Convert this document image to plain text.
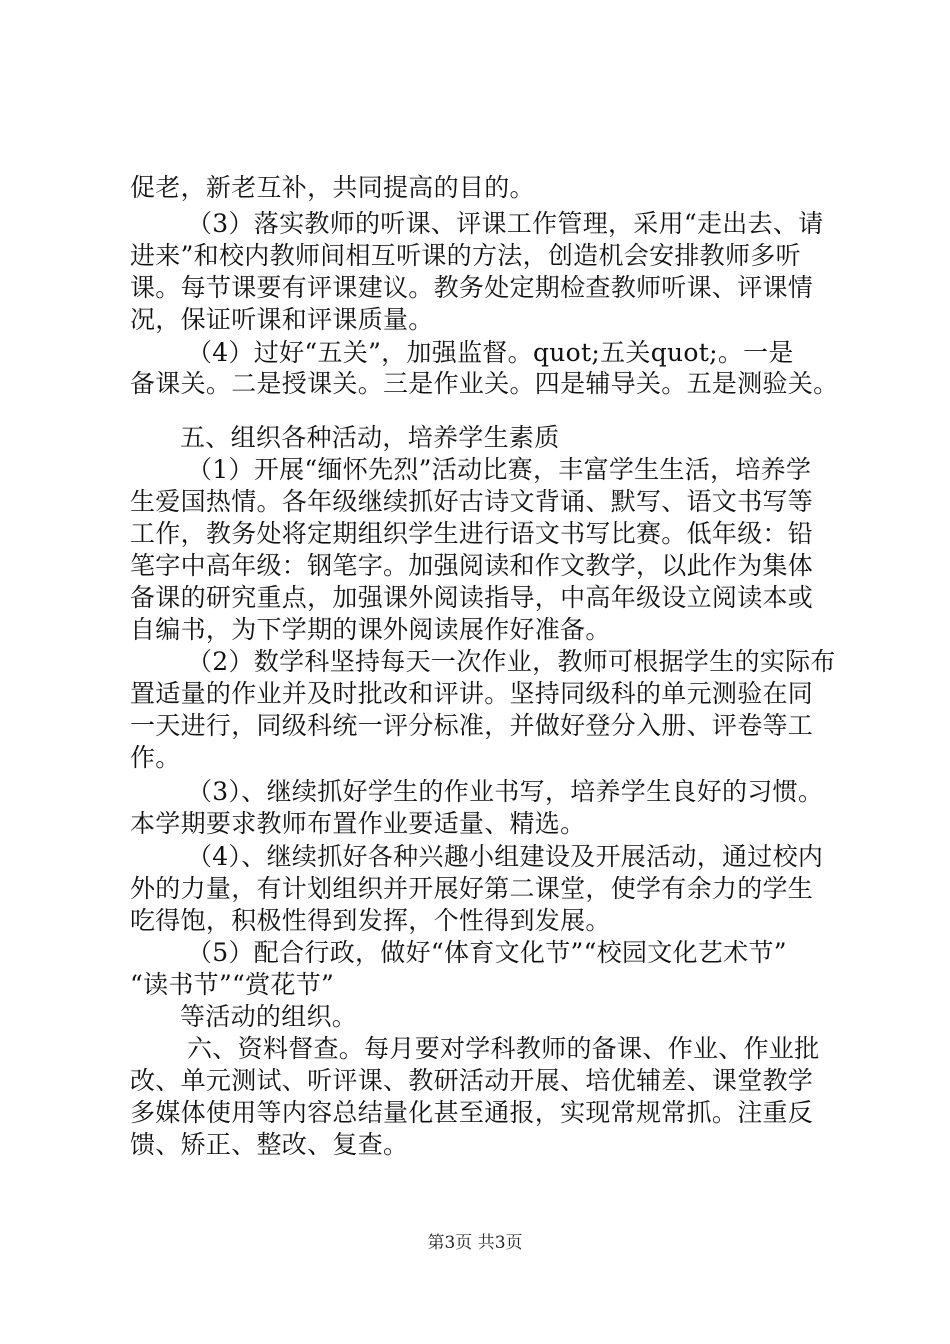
促老，新老互补，共同提高的目的。
（3）落实教师的听课、评课工作管理，采用“走出去、请
进来”和校内教师间相互听课的方法，创造机会安排教师多听
课。每节课要有评课建议。教务处定期检查教师听课、评课情
况，保证听课和评课质量。
（4）过好“五关”，加强监督。quot;五关quot;。一是
备课关。二是授课关。三是作业关。四是辅导关。五是测验关。
五、组织各种活动，培养学生素质
（1）开展“缅怀先烈”活动比赛，丰富学生生活，培养学
生爱国热情。各年级继续抓好古诗文背诵、默写、语文书写等
工作，教务处将定期组织学生进行语文书写比赛。低年级：铅
笔字中高年级：钢笔字。加强阅读和作文教学，以此作为集体
备课的研究重点，加强课外阅读指导，中高年级设立阅读本或
自编书，为下学期的课外阅读展作好准备。
（2）数学科坚持每天一次作业，教师可根据学生的实际布
置适量的作业并及时批改和评讲。坚持同级科的单元测验在同
一天进行，同级科统一评分标准，并做好登分入册、评卷等工
作。
（3）、继续抓好学生的作业书写，培养学生良好的习惯。
本学期要求教师布置作业要适量、精选。
（4）、继续抓好各种兴趣小组建设及开展活动，通过校内
外的力量，有计划组织并开展好第二课堂，使学有余力的学生
吃得饱，积极性得到发挥，个性得到发展。
（5）配合行政，做好“体育文化节”“校园文化艺术节”
“读书节”“赏花节”
等活动的组织。
六、资料督查。每月要对学科教师的备课、作业、作业批
改、单元测试、听评课、教研活动开展、培优辅差、课堂教学
多媒体使用等内容总结量化甚至通报，实现常规常抓。注重反
馈、矫正、整改、复查。
第3页 共3页
